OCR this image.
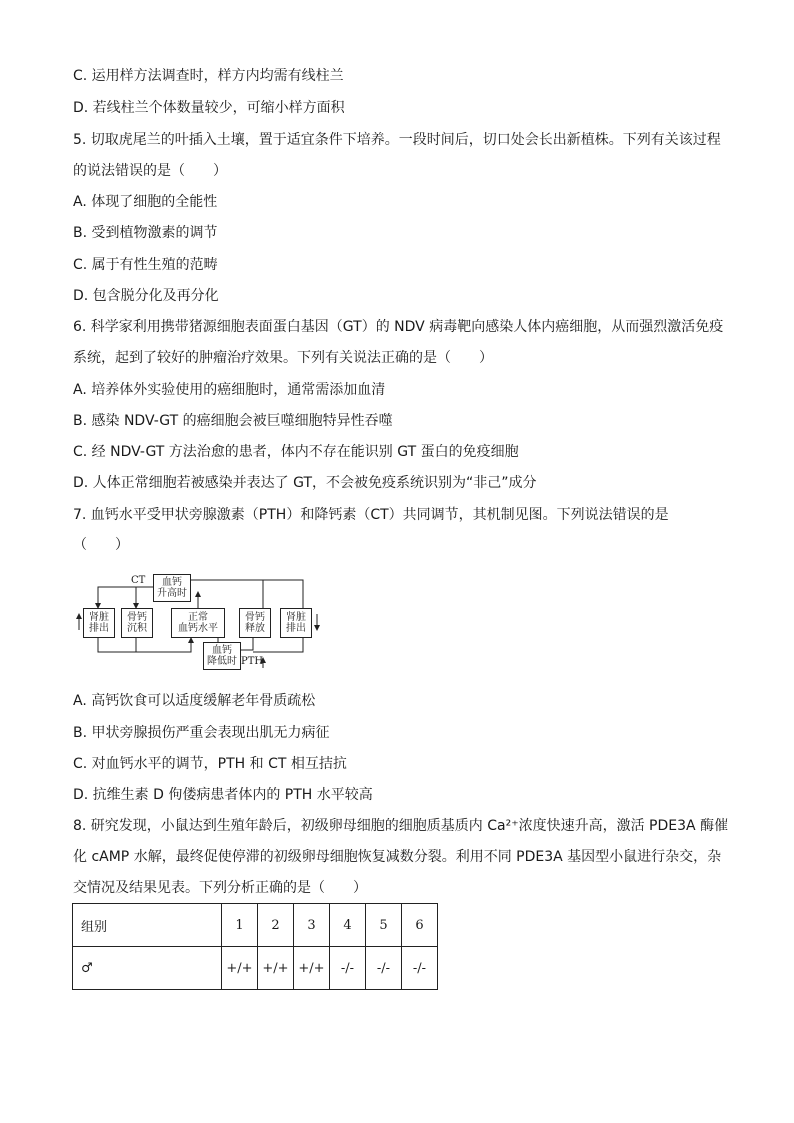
C. 运用样方法调查时，样方内均需有线柱兰
D. 若线柱兰个体数量较少，可缩小样方面积
5. 切取虎尾兰的叶插入土壤，置于适宜条件下培养。一段时间后，切口处会长出新植株。下列有关该过程
的说法错误的是（　　）
A. 体现了细胞的全能性
B. 受到植物激素的调节
C. 属于有性生殖的范畴
D. 包含脱分化及再分化
6. 科学家利用携带猪源细胞表面蛋白基因（GT）的 NDV 病毒靶向感染人体内癌细胞，从而强烈激活免疫
系统，起到了较好的肿瘤治疗效果。下列有关说法正确的是（　　）
A. 培养体外实验使用的癌细胞时，通常需添加血清
B. 感染 NDV-GT 的癌细胞会被巨噬细胞特异性吞噬
C. 经 NDV-GT 方法治愈的患者，体内不存在能识别 GT 蛋白的免疫细胞
D. 人体正常细胞若被感染并表达了 GT，不会被免疫系统识别为“非己”成分
7. 血钙水平受甲状旁腺激素（PTH）和降钙素（CT）共同调节，其机制见图。下列说法错误的是
（　　）
CT	血钙
升高时
肾脏
排出
骨钙
沉积
正常
血钙水平
骨钙
释放
肾脏
排出
血钙
降低时 PTH
A. 高钙饮食可以适度缓解老年骨质疏松
B. 甲状旁腺损伤严重会表现出肌无力病征
C. 对血钙水平的调节，PTH 和 CT 相互拮抗
D. 抗维生素 D 佝偻病患者体内的 PTH 水平较高
8. 研究发现，小鼠达到生殖年龄后，初级卵母细胞的细胞质基质内 Ca²⁺浓度快速升高，激活 PDE3A 酶催
化 cAMP 水解，最终促使停滞的初级卵母细胞恢复减数分裂。利用不同 PDE3A 基因型小鼠进行杂交，杂
交情况及结果见表。下列分析正确的是（　　）
组别	1	2	3	4	5	6
♂	+/+	+/+	+/+	-/-	-/-	-/-
